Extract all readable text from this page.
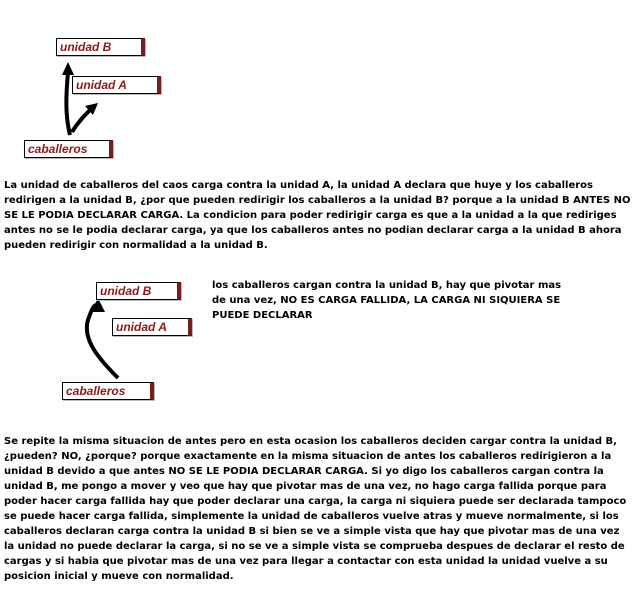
unidad B
unidad A
caballeros

La unidad de caballeros del caos carga contra la unidad A, la unidad A declara que huye y los caballeros redirigen a la unidad B, ¿por que pueden redirigir los caballeros a la unidad B? porque a la unidad B ANTES NO SE LE PODIA DECLARAR CARGA. La condicion para poder redirigir carga es que a la unidad a la que rediriges antes no se le podia declarar carga, ya que los caballeros antes no podian declarar carga a la unidad B ahora pueden redirigir con normalidad a la unidad B.

unidad B
unidad A
caballeros

los caballeros cargan contra la unidad B, hay que pivotar mas de una vez, NO ES CARGA FALLIDA, LA CARGA NI SIQUIERA SE PUEDE DECLARAR

Se repite la misma situacion de antes pero en esta ocasion los caballeros deciden cargar contra la unidad B, ¿pueden? NO, ¿porque? porque exactamente en la misma situacion de antes los caballeros redirigieron a la unidad B devido a que antes NO SE LE PODIA DECLARAR CARGA. Si yo digo los caballeros cargan contra la unidad B, me pongo a mover y veo que hay que pivotar mas de una vez, no hago carga fallida porque para poder hacer carga fallida hay que poder declarar una carga, la carga ni siquiera puede ser declarada tampoco se puede hacer carga fallida, simplemente la unidad de caballeros vuelve atras y mueve normalmente, si los caballeros declaran carga contra la unidad B si bien se ve a simple vista que hay que pivotar mas de una vez la unidad no puede declarar la carga, si no se ve a simple vista se comprueba despues de declarar el resto de cargas y si habia que pivotar mas de una vez para llegar a contactar con esta unidad la unidad vuelve a su posicion inicial y mueve con normalidad.
